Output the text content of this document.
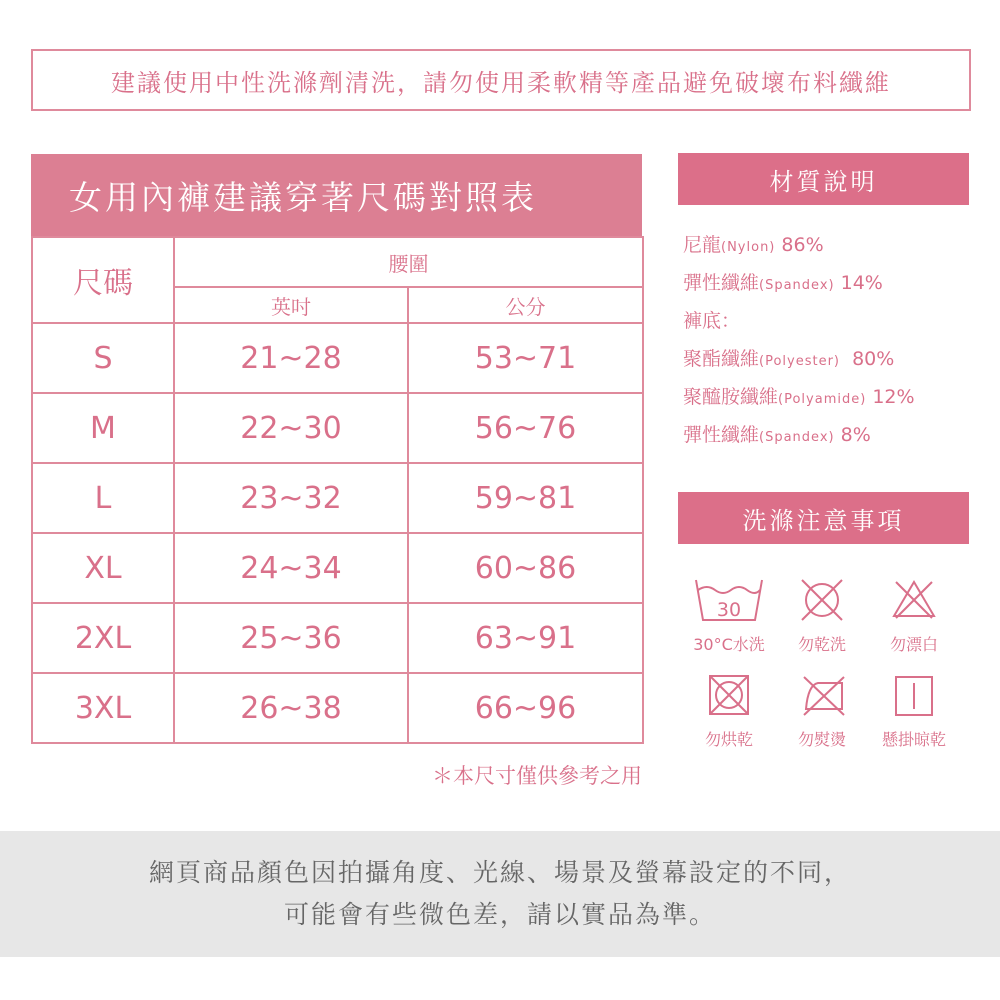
建議使用中性洗滌劑清洗，請勿使用柔軟精等產品避免破壞布料纖維
女用內褲建議穿著尺碼對照表
尺碼	腰圍	
	英吋	公分
S	21~28	53~71
M	22~30	56~76
L	23~32	59~81
XL	24~34	60~86
2XL	25~36	63~91
3XL	26~38	66~96
＊本尺寸僅供參考之用
材質說明
尼龍(Nylon) 86%
彈性纖維(Spandex) 14%
褲底：
聚酯纖維(Polyester)  80%
聚醯胺纖維(Polyamide) 12%
彈性纖維(Spandex) 8%
洗滌注意事項
30
30°C水洗	勿乾洗	勿漂白
勿烘乾	勿熨燙	懸掛晾乾
網頁商品顏色因拍攝角度、光線、場景及螢幕設定的不同，
可能會有些微色差，請以實品為準。
